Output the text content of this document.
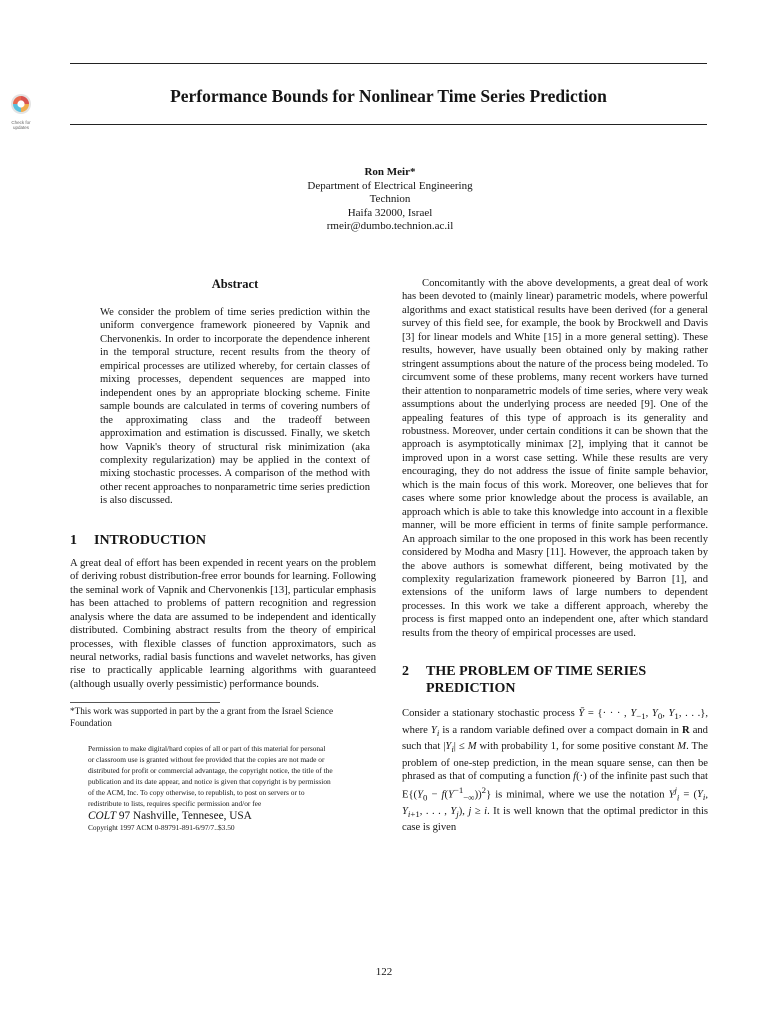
Check for
updates
Performance Bounds for Nonlinear Time Series Prediction
Ron Meir*
Department of Electrical Engineering
Technion
Haifa 32000, Israel
rmeir@dumbo.technion.ac.il
Abstract

We consider the problem of time series prediction within the uniform convergence framework pioneered by Vapnik and Chervonenkis. In order to incorporate the dependence inherent in the temporal structure, recent results from the theory of empirical processes are utilized whereby, for certain classes of mixing processes, dependent sequences are mapped into independent ones by an appropriate blocking scheme. Finite sample bounds are calculated in terms of covering numbers of the approximating class and the tradeoff between approximation and estimation is discussed. Finally, we sketch how Vapnik's theory of structural risk minimization (aka complexity regularization) may be applied in the context of mixing stochastic processes. A comparison of the method with other recent approaches to nonparametric time series prediction is also discussed.

1	INTRODUCTION

A great deal of effort has been expended in recent years on the problem of deriving robust distribution-free error bounds for learning. Following the seminal work of Vapnik and Chervonenkis [13], particular emphasis has been attached to problems of pattern recognition and regression analysis where the data are assumed to be independent and identically distributed. Combining abstract results from the theory of empirical processes, with flexible classes of function approximators, such as neural networks, radial basis functions and wavelet networks, has given rise to practically applicable learning algorithms with guaranteed (although usually overly pessimistic) performance bounds.

*This work was supported in part by the a grant from the Israel Science Foundation

Permission to make digital/hard copies of all or part of this material for personal or classroom use is granted without fee provided that the copies are not made or distributed for profit or commercial advantage, the copyright notice, the title of the publication and its date appear, and notice is given that copyright is by permission of the ACM, Inc. To copy otherwise, to republish, to post on servers or to redistribute to lists, requires specific permission and/or fee

COLT 97 Nashville, Tennesee, USA
Copyright 1997 ACM 0-89791-891-6/97/7..$3.50

Concomitantly with the above developments, a great deal of work has been devoted to (mainly linear) parametric models, where powerful algorithms and exact statistical results have been derived (for a general survey of this field see, for example, the book by Brockwell and Davis [3] for linear models and White [15] in a more general setting). These results, however, have usually been obtained only by making rather stringent assumptions about the nature of the process being modeled. To circumvent some of these problems, many recent workers have turned their attention to nonparametric models of time series, where very weak assumptions about the underlying process are needed [9]. One of the appealing features of this type of approach is its generality and robustness. Moreover, under certain conditions it can be shown that the approach is asymptotically minimax [2], implying that it cannot be improved upon in a worst case setting. While these results are very encouraging, they do not address the issue of finite sample behavior, which is the main focus of this work. Moreover, one believes that for cases where some prior knowledge about the process is available, an approach which is able to take this knowledge into account in a flexible manner, will be more efficient in terms of finite sample performance. An approach similar to the one proposed in this work has been recently considered by Modha and Masry [11]. However, the approach taken by the above authors is somewhat different, being motivated by the complexity regularization framework pioneered by Barron [1], and extensions of the uniform laws of large numbers to dependent processes. In this work we take a different approach, whereby the process is first mapped onto an independent one, after which standard results from the theory of empirical processes are used.

2	THE PROBLEM OF TIME SERIES PREDICTION

Consider a stationary stochastic process Ȳ = {· · · , $Y_{-1}$, $Y_0$, $Y_1$, . . .}, where $Y_i$ is a random variable defined over a compact domain in R and such that $|Y_i| \le M$ with probability 1, for some positive constant M. The problem of one-step prediction, in the mean square sense, can then be phrased as that of computing a function f(·) of the infinite past such that $E\{(Y_0 - f(Y^{-1}_{-\infty}))^2\}$ is minimal, where we use the notation $Y^j_i = (Y_i$, $Y_{i+1}$, . . . , $Y_j$), j ≥ i. It is well known that the optimal predictor in this case is given

122
